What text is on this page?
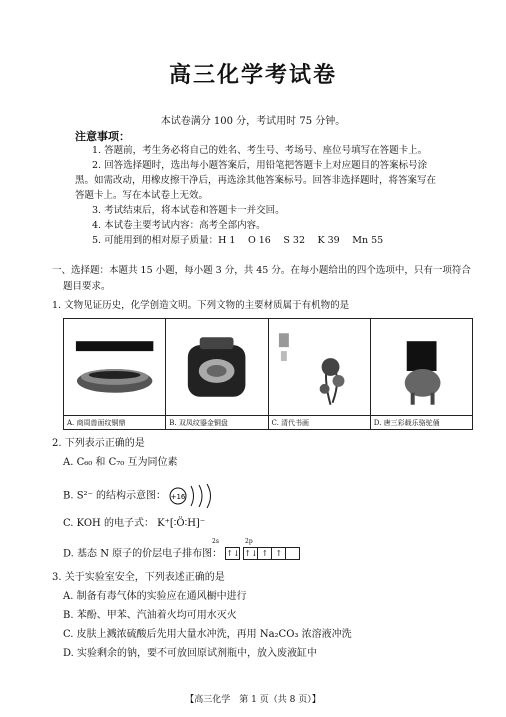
高三化学考试卷
本试卷满分 100 分，考试用时 75 分钟。
注意事项：
1. 答题前，考生务必将自己的姓名、考生号、考场号、座位号填写在答题卡上。
2. 回答选择题时，选出每小题答案后，用铅笔把答题卡上对应题目的答案标号涂
黑。如需改动，用橡皮擦干净后，再选涂其他答案标号。回答非选择题时，将答案写在
答题卡上。写在本试卷上无效。
3. 考试结束后，将本试卷和答题卡一并交回。
4. 本试卷主要考试内容：高考全部内容。
5. 可能用到的相对原子质量：H 1 　O 16 　S 32 　K 39 　Mn 55
一、选择题：本题共 15 小题，每小题 3 分，共 45 分。在每小题给出的四个选项中，只有一项符合
题目要求。
1. 文物见证历史，化学创造文明。下列文物的主要材质属于有机物的是
A. 商周兽面纹铜鼎	B. 双凤纹鎏金铜盘	C. 清代书画	D. 唐三彩载乐骆驼俑
2. 下列表示正确的是
A. C₆₀ 和 C₇₀ 互为同位素
B. S²⁻ 的结构示意图： +16
C. KOH 的电子式： K⁺[∶Ö∶H]⁻
2s	2p
D. 基态 N 原子的价层电子排布图： ↑↓ ↑↓ ↑ ↑
3. 关于实验室安全，下列表述正确的是
A. 制备有毒气体的实验应在通风橱中进行
B. 苯酚、甲苯、汽油着火均可用水灭火
C. 皮肤上溅浓硫酸后先用大量水冲洗，再用 Na₂CO₃ 浓溶液冲洗
D. 实验剩余的钠，要不可放回原试剂瓶中，放入废液缸中
【高三化学　第 1 页（共 8 页）】
